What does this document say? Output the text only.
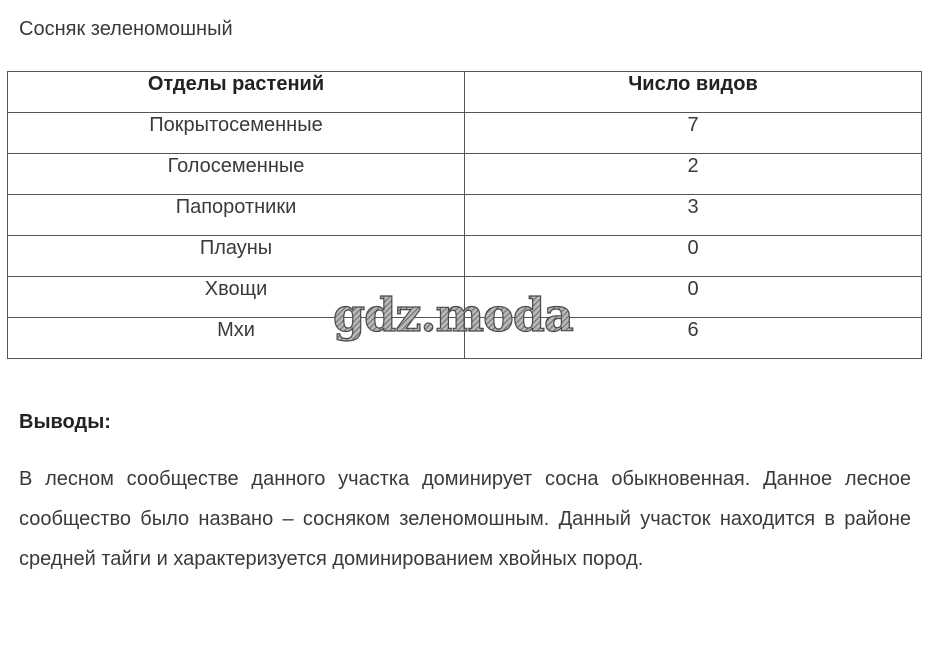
Сосняк зеленомошный
Отделы растений	Число видов
Покрытосеменные	7
Голосеменные	2
Папоротники	3
Плауны	0
Хвощи	0
Мхи	6
gdz.moda
Выводы:
В лесном сообществе данного участка доминирует сосна обыкновенная. Данное лесное сообщество было названо – сосняком зеленомошным. Данный участок находится в районе средней тайги и характеризуется доминированием хвойных пород.
